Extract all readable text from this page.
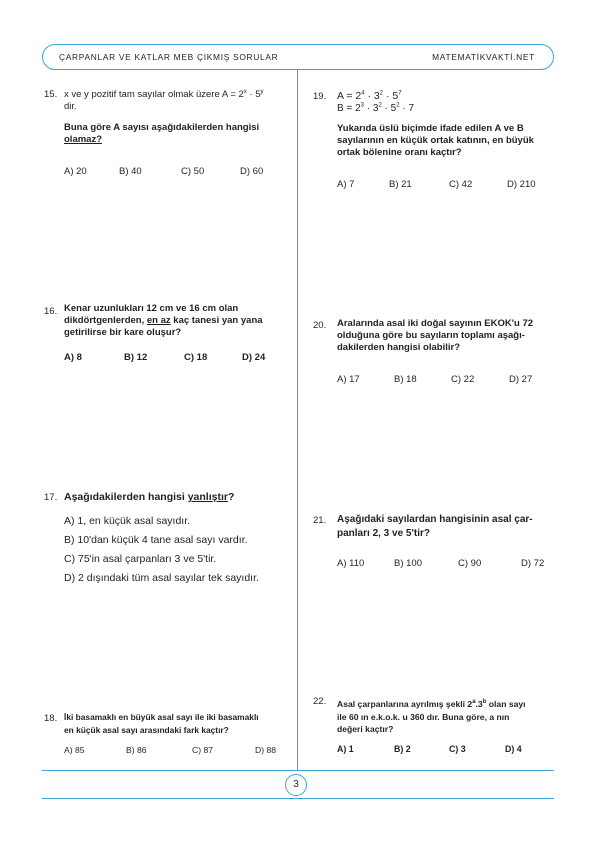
ÇARPANLAR VE KATLAR MEB ÇIKMIŞ SORULAR	MATEMATİKVAKTİ.NET
3
15. x ve y pozitif tam sayılar olmak üzere $A = 2^x \cdot 5^y$
dir.
Buna göre A sayısı aşağıdakilerden hangisi
olamaz?
A) 20	B) 40	C) 50	D) 60
16. Kenar uzunlukları 12 cm ve 16 cm olan
dikdörtgenlerden, en az kaç tanesi yan yana
getirilirse bir kare oluşur?
A) 8	B) 12	C) 18	D) 24
17. Aşağıdakilerden hangisi yanlıştır?
A) 1, en küçük asal sayıdır.
B) 10'dan küçük 4 tane asal sayı vardır.
C) 75'in asal çarpanları 3 ve 5'tir.
D) 2 dışındaki tüm asal sayılar tek sayıdır.
18. İki basamaklı en büyük asal sayı ile iki basamaklı
en küçük asal sayı arasındaki fark kaçtır?
A) 85	B) 86	C) 87	D) 88
19. $A = 2^4 \cdot 3^2 \cdot 5^7$
$B = 2^3 \cdot 3^2 \cdot 5^2 \cdot 7$
Yukarıda üslü biçimde ifade edilen A ve B
sayılarının en küçük ortak katının, en büyük
ortak bölenine oranı kaçtır?
A) 7	B) 21	C) 42	D) 210
20. Aralarında asal iki doğal sayının EKOK'u 72
olduğuna göre bu sayıların toplamı aşağı-
dakilerden hangisi olabilir?
A) 17	B) 18	C) 22	D) 27
21. Aşağıdaki sayılardan hangisinin asal çar-
panları 2, 3 ve 5'tir?
A) 110	B) 100	C) 90	D) 72
22. Asal çarpanlarına ayrılmış şekli 2$^a$.3$^b$ olan sayı
ile 60 ın e.k.o.k. u 360 dır. Buna göre, a nın
değeri kaçtır?
A) 1	B) 2	C) 3	D) 4
